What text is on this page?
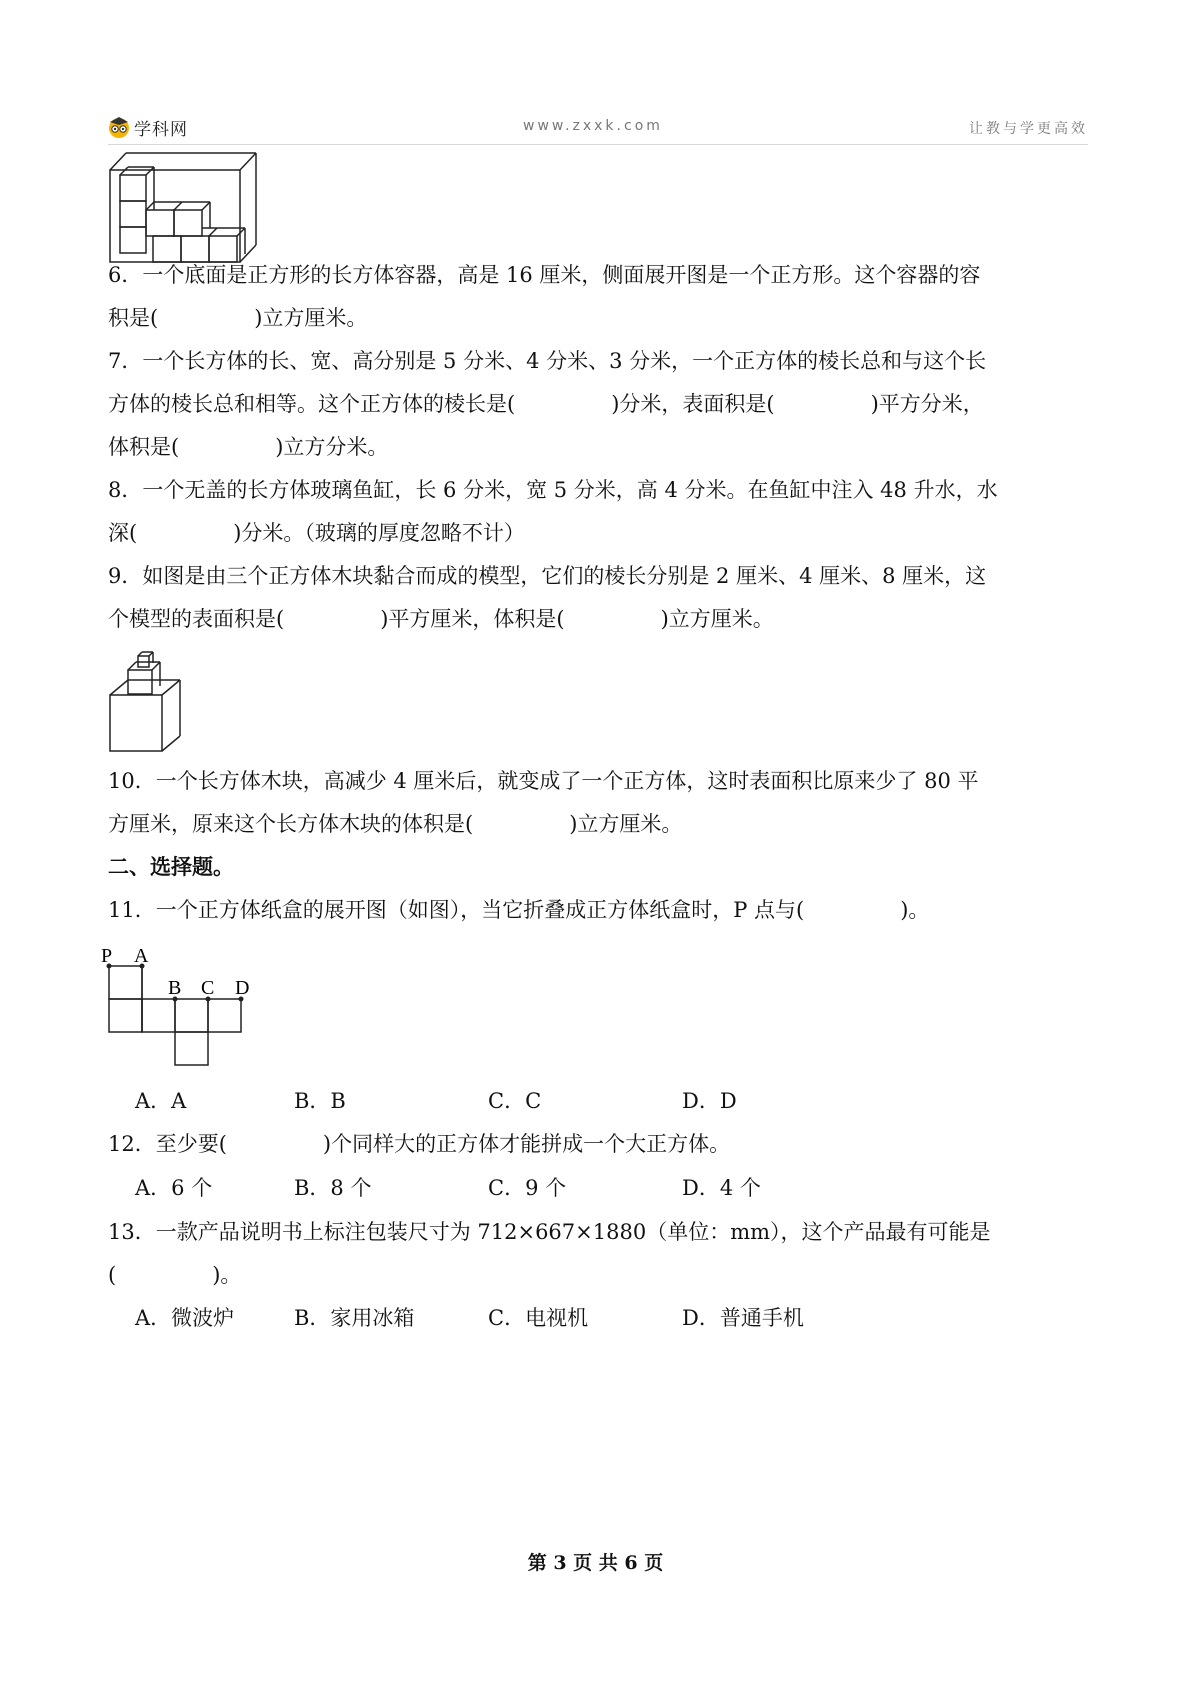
学科网	www.zxxk.com	让教与学更高效
6．一个底面是正方形的长方体容器，高是 16 厘米，侧面展开图是一个正方形。这个容器的容
积是(	)立方厘米。
7．一个长方体的长、宽、高分别是 5 分米、4 分米、3 分米，一个正方体的棱长总和与这个长
方体的棱长总和相等。这个正方体的棱长是(	)分米，表面积是(	)平方分米，
体积是(	)立方分米。
8．一个无盖的长方体玻璃鱼缸，长 6 分米，宽 5 分米，高 4 分米。在鱼缸中注入 48 升水，水
深(	)分米。（玻璃的厚度忽略不计）
9．如图是由三个正方体木块黏合而成的模型，它们的棱长分别是 2 厘米、4 厘米、8 厘米，这
个模型的表面积是(	)平方厘米，体积是(	)立方厘米。
10．一个长方体木块，高减少 4 厘米后，就变成了一个正方体，这时表面积比原来少了 80 平
方厘米，原来这个长方体木块的体积是(	)立方厘米。
二、选择题。
11．一个正方体纸盒的展开图（如图），当它折叠成正方体纸盒时，P 点与(	)。
P A
B C D
A．A	B．B	C．C	D．D
12．至少要(	)个同样大的正方体才能拼成一个大正方体。
A．6 个	B．8 个	C．9 个	D．4 个
13．一款产品说明书上标注包装尺寸为 712×667×1880（单位：mm），这个产品最有可能是
(	)。
A．微波炉	B．家用冰箱	C．电视机	D．普通手机
第 3 页 共 6 页
